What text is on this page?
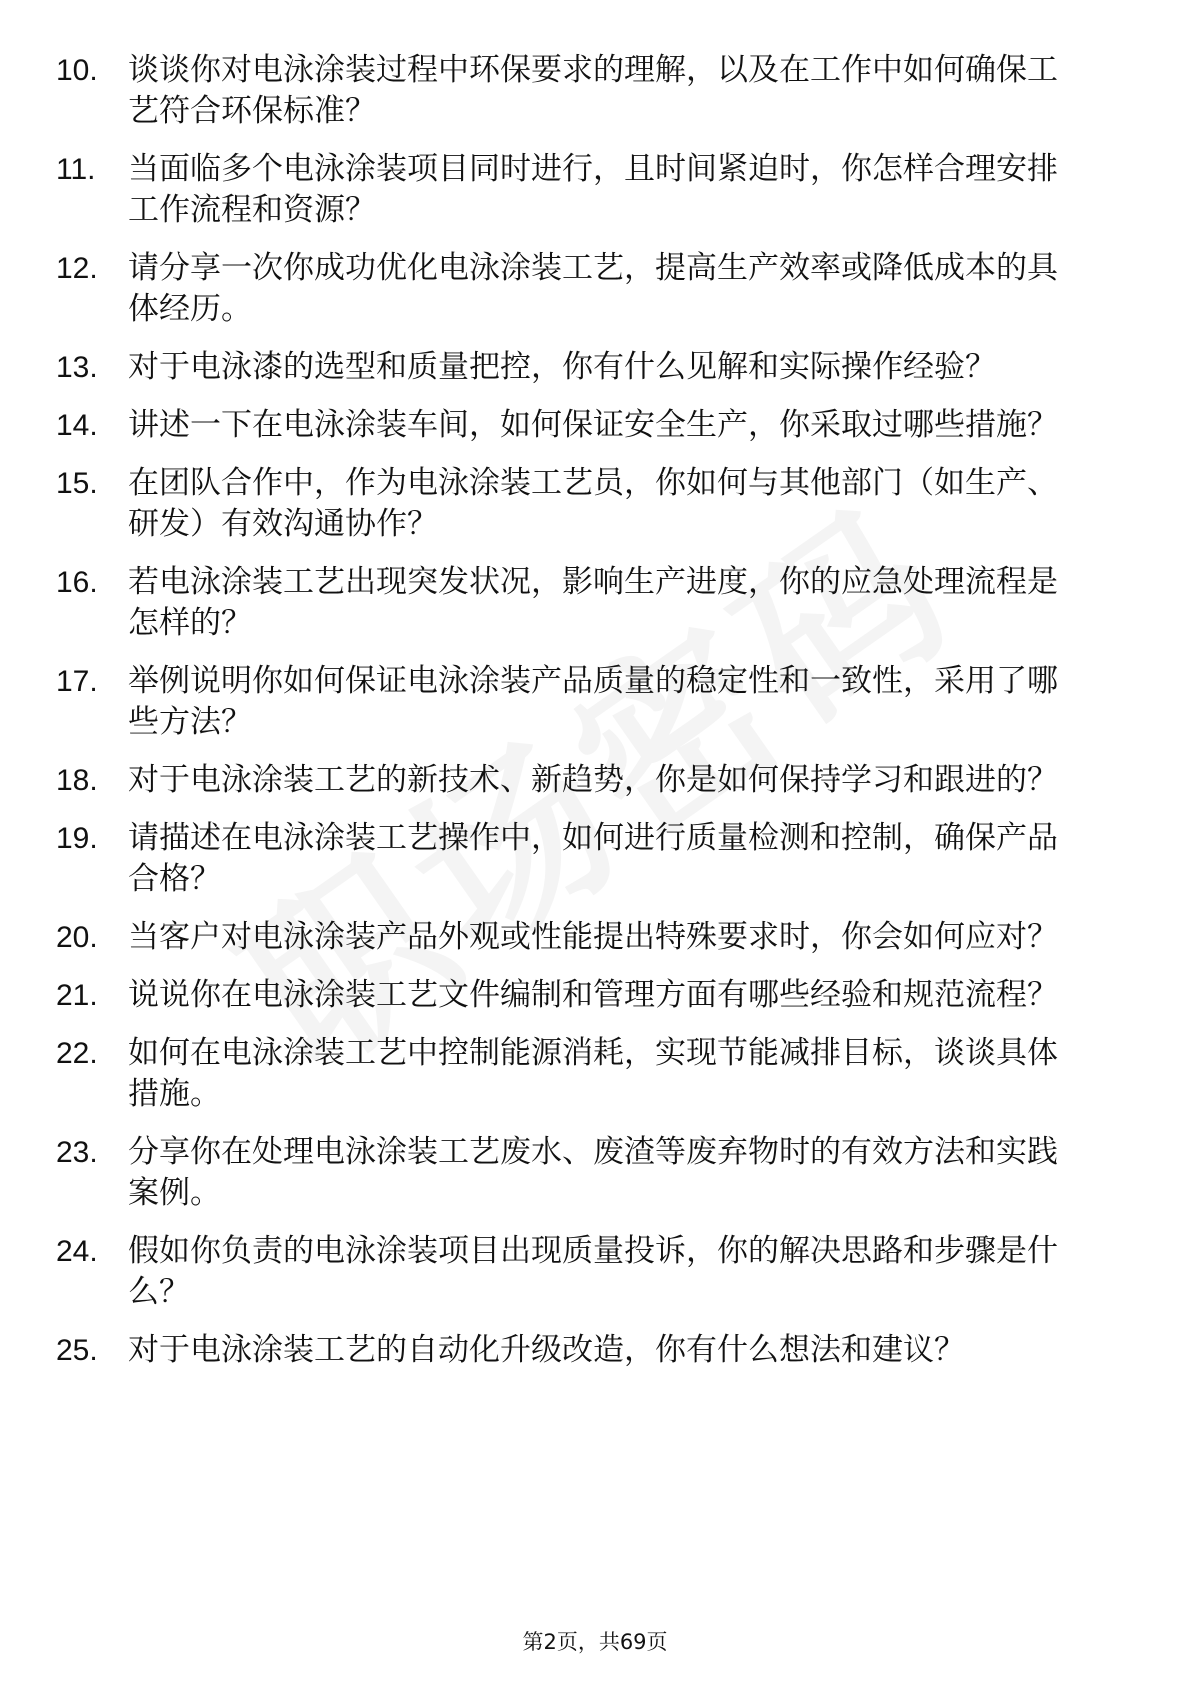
10. 谈谈你对电泳涂装过程中环保要求的理解，以及在工作中如何确保工艺符合环保标准？
11.	当面临多个电泳涂装项目同时进行，且时间紧迫时，你怎样合理安排工作流程和资源？
12. 请分享一次你成功优化电泳涂装工艺，提高生产效率或降低成本的具体经历。
13. 对于电泳漆的选型和质量把控，你有什么见解和实际操作经验？
14. 讲述一下在电泳涂装车间，如何保证安全生产，你采取过哪些措施？
15. 在团队合作中，作为电泳涂装工艺员，你如何与其他部门（如生产、研发）有效沟通协作？
16. 若电泳涂装工艺出现突发状况，影响生产进度，你的应急处理流程是怎样的？
17. 举例说明你如何保证电泳涂装产品质量的稳定性和一致性，采用了哪些方法？
18. 对于电泳涂装工艺的新技术、新趋势，你是如何保持学习和跟进的？
19. 请描述在电泳涂装工艺操作中，如何进行质量检测和控制，确保产品合格？
20. 当客户对电泳涂装产品外观或性能提出特殊要求时，你会如何应对？
21. 说说你在电泳涂装工艺文件编制和管理方面有哪些经验和规范流程？
22. 如何在电泳涂装工艺中控制能源消耗，实现节能减排目标，谈谈具体措施。
23. 分享你在处理电泳涂装工艺废水、废渣等废弃物时的有效方法和实践案例。
24. 假如你负责的电泳涂装项目出现质量投诉，你的解决思路和步骤是什么？
25. 对于电泳涂装工艺的自动化升级改造，你有什么想法和建议？
第2页，共69页
